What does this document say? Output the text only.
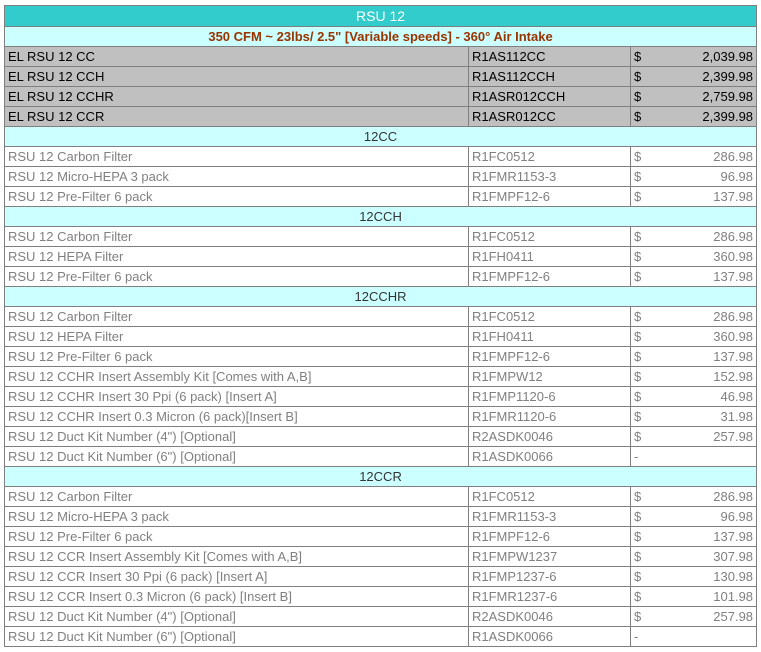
RSU 12			
350 CFM ~ 23lbs/ 2.5" [Variable speeds] - 360° Air Intake			
EL RSU 12 CC	R1AS112CC	$	2,039.98
EL RSU 12 CCH	R1AS112CCH	$	2,399.98
EL RSU 12 CCHR	R1ASR012CCH	$	2,759.98
EL RSU 12 CCR	R1ASR012CC	$	2,399.98
12CC			
RSU 12 Carbon Filter	R1FC0512	$	286.98
RSU 12 Micro-HEPA 3 pack	R1FMR1153-3	$	96.98
RSU 12 Pre-Filter 6 pack	R1FMPF12-6	$	137.98
12CCH			
RSU 12 Carbon Filter	R1FC0512	$	286.98
RSU 12 HEPA Filter	R1FH0411	$	360.98
RSU 12 Pre-Filter 6 pack	R1FMPF12-6	$	137.98
12CCHR			
RSU 12 Carbon Filter	R1FC0512	$	286.98
RSU 12 HEPA Filter	R1FH0411	$	360.98
RSU 12 Pre-Filter 6 pack	R1FMPF12-6	$	137.98
RSU 12 CCHR Insert Assembly Kit [Comes with A,B]	R1FMPW12	$	152.98
RSU 12 CCHR Insert 30 Ppi (6 pack) [Insert A]	R1FMP1120-6	$	46.98
RSU 12 CCHR Insert 0.3 Micron (6 pack)[Insert B]	R1FMR1120-6	$	31.98
RSU 12 Duct Kit Number (4") [Optional]	R2ASDK0046	$	257.98
RSU 12 Duct Kit Number (6") [Optional]	R1ASDK0066	-	
12CCR			
RSU 12 Carbon Filter	R1FC0512	$	286.98
RSU 12 Micro-HEPA 3 pack	R1FMR1153-3	$	96.98
RSU 12 Pre-Filter 6 pack	R1FMPF12-6	$	137.98
RSU 12 CCR Insert Assembly Kit [Comes with A,B]	R1FMPW1237	$	307.98
RSU 12 CCR Insert 30 Ppi (6 pack) [Insert A]	R1FMP1237-6	$	130.98
RSU 12 CCR Insert 0.3 Micron (6 pack) [Insert B]	R1FMR1237-6	$	101.98
RSU 12 Duct Kit Number (4") [Optional]	R2ASDK0046	$	257.98
RSU 12 Duct Kit Number (6") [Optional]	R1ASDK0066	-	
